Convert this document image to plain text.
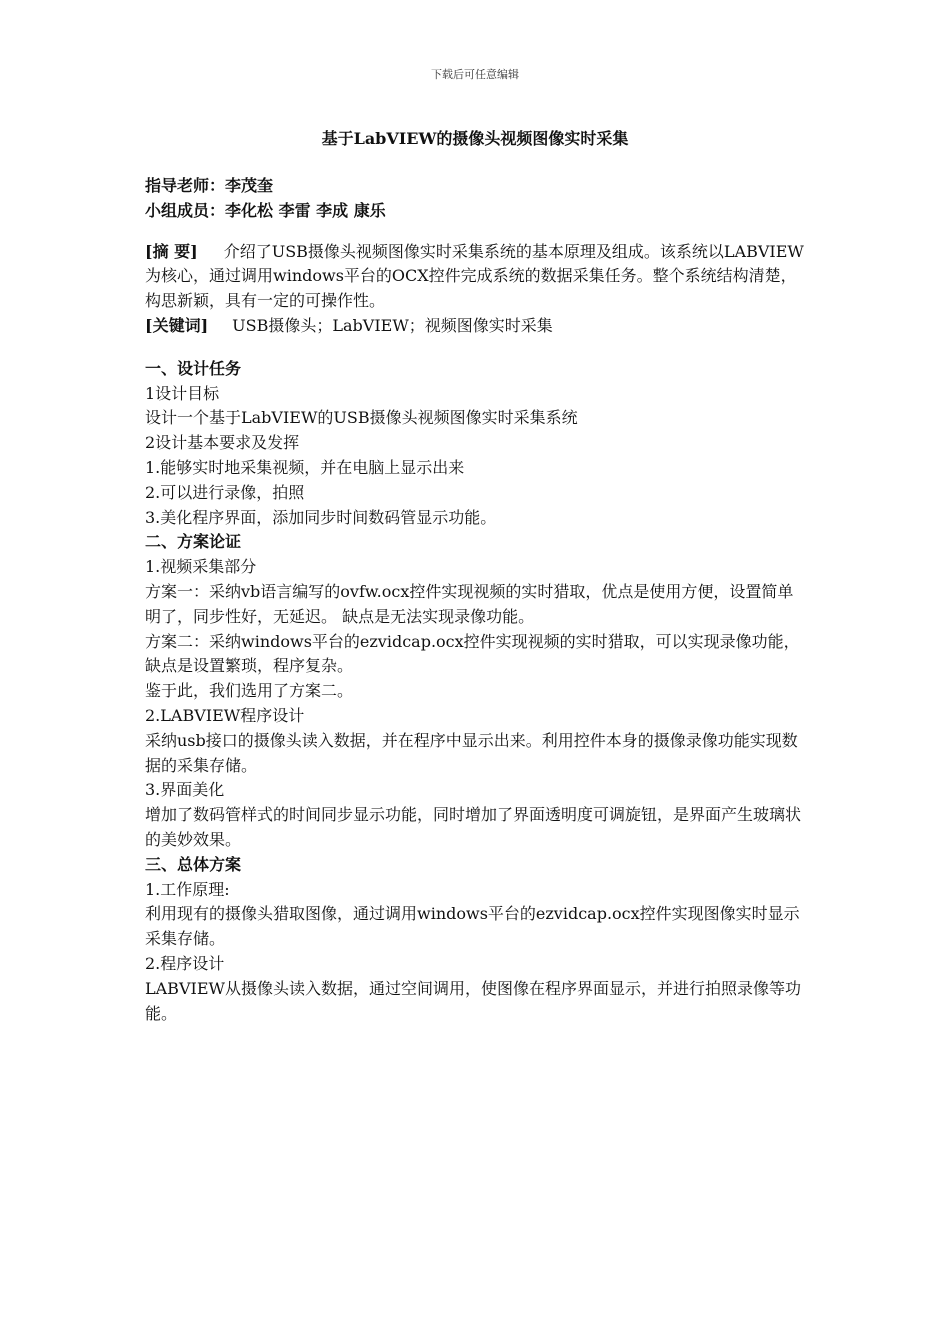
下载后可任意编辑
基于LabVIEW的摄像头视频图像实时采集
指导老师：李茂奎
小组成员：李化松 李雷 李成 康乐
[摘 要] 介绍了USB摄像头视频图像实时采集系统的基本原理及组成。该系统以LABVIEW为核心，通过调用windows平台的OCX控件完成系统的数据采集任务。整个系统结构清楚，构思新颖，具有一定的可操作性。
[关键词] USB摄像头；LabVIEW；视频图像实时采集
一、设计任务
1设计目标
设计一个基于LabVIEW的USB摄像头视频图像实时采集系统
2设计基本要求及发挥
1.能够实时地采集视频，并在电脑上显示出来
2.可以进行录像，拍照
3.美化程序界面，添加同步时间数码管显示功能。
二、方案论证
1.视频采集部分
方案一：采纳vb语言编写的ovfw.ocx控件实现视频的实时猎取，优点是使用方便，设置简单明了，同步性好，无延迟。 缺点是无法实现录像功能。
方案二：采纳windows平台的ezvidcap.ocx控件实现视频的实时猎取，可以实现录像功能，缺点是设置繁琐，程序复杂。
鉴于此，我们选用了方案二。
2.LABVIEW程序设计
采纳usb接口的摄像头读入数据，并在程序中显示出来。利用控件本身的摄像录像功能实现数据的采集存储。
3.界面美化
增加了数码管样式的时间同步显示功能，同时增加了界面透明度可调旋钮，是界面产生玻璃状的美妙效果。
三、总体方案
1.工作原理:
利用现有的摄像头猎取图像，通过调用windows平台的ezvidcap.ocx控件实现图像实时显示采集存储。
2.程序设计
LABVIEW从摄像头读入数据，通过空间调用，使图像在程序界面显示，并进行拍照录像等功能。
